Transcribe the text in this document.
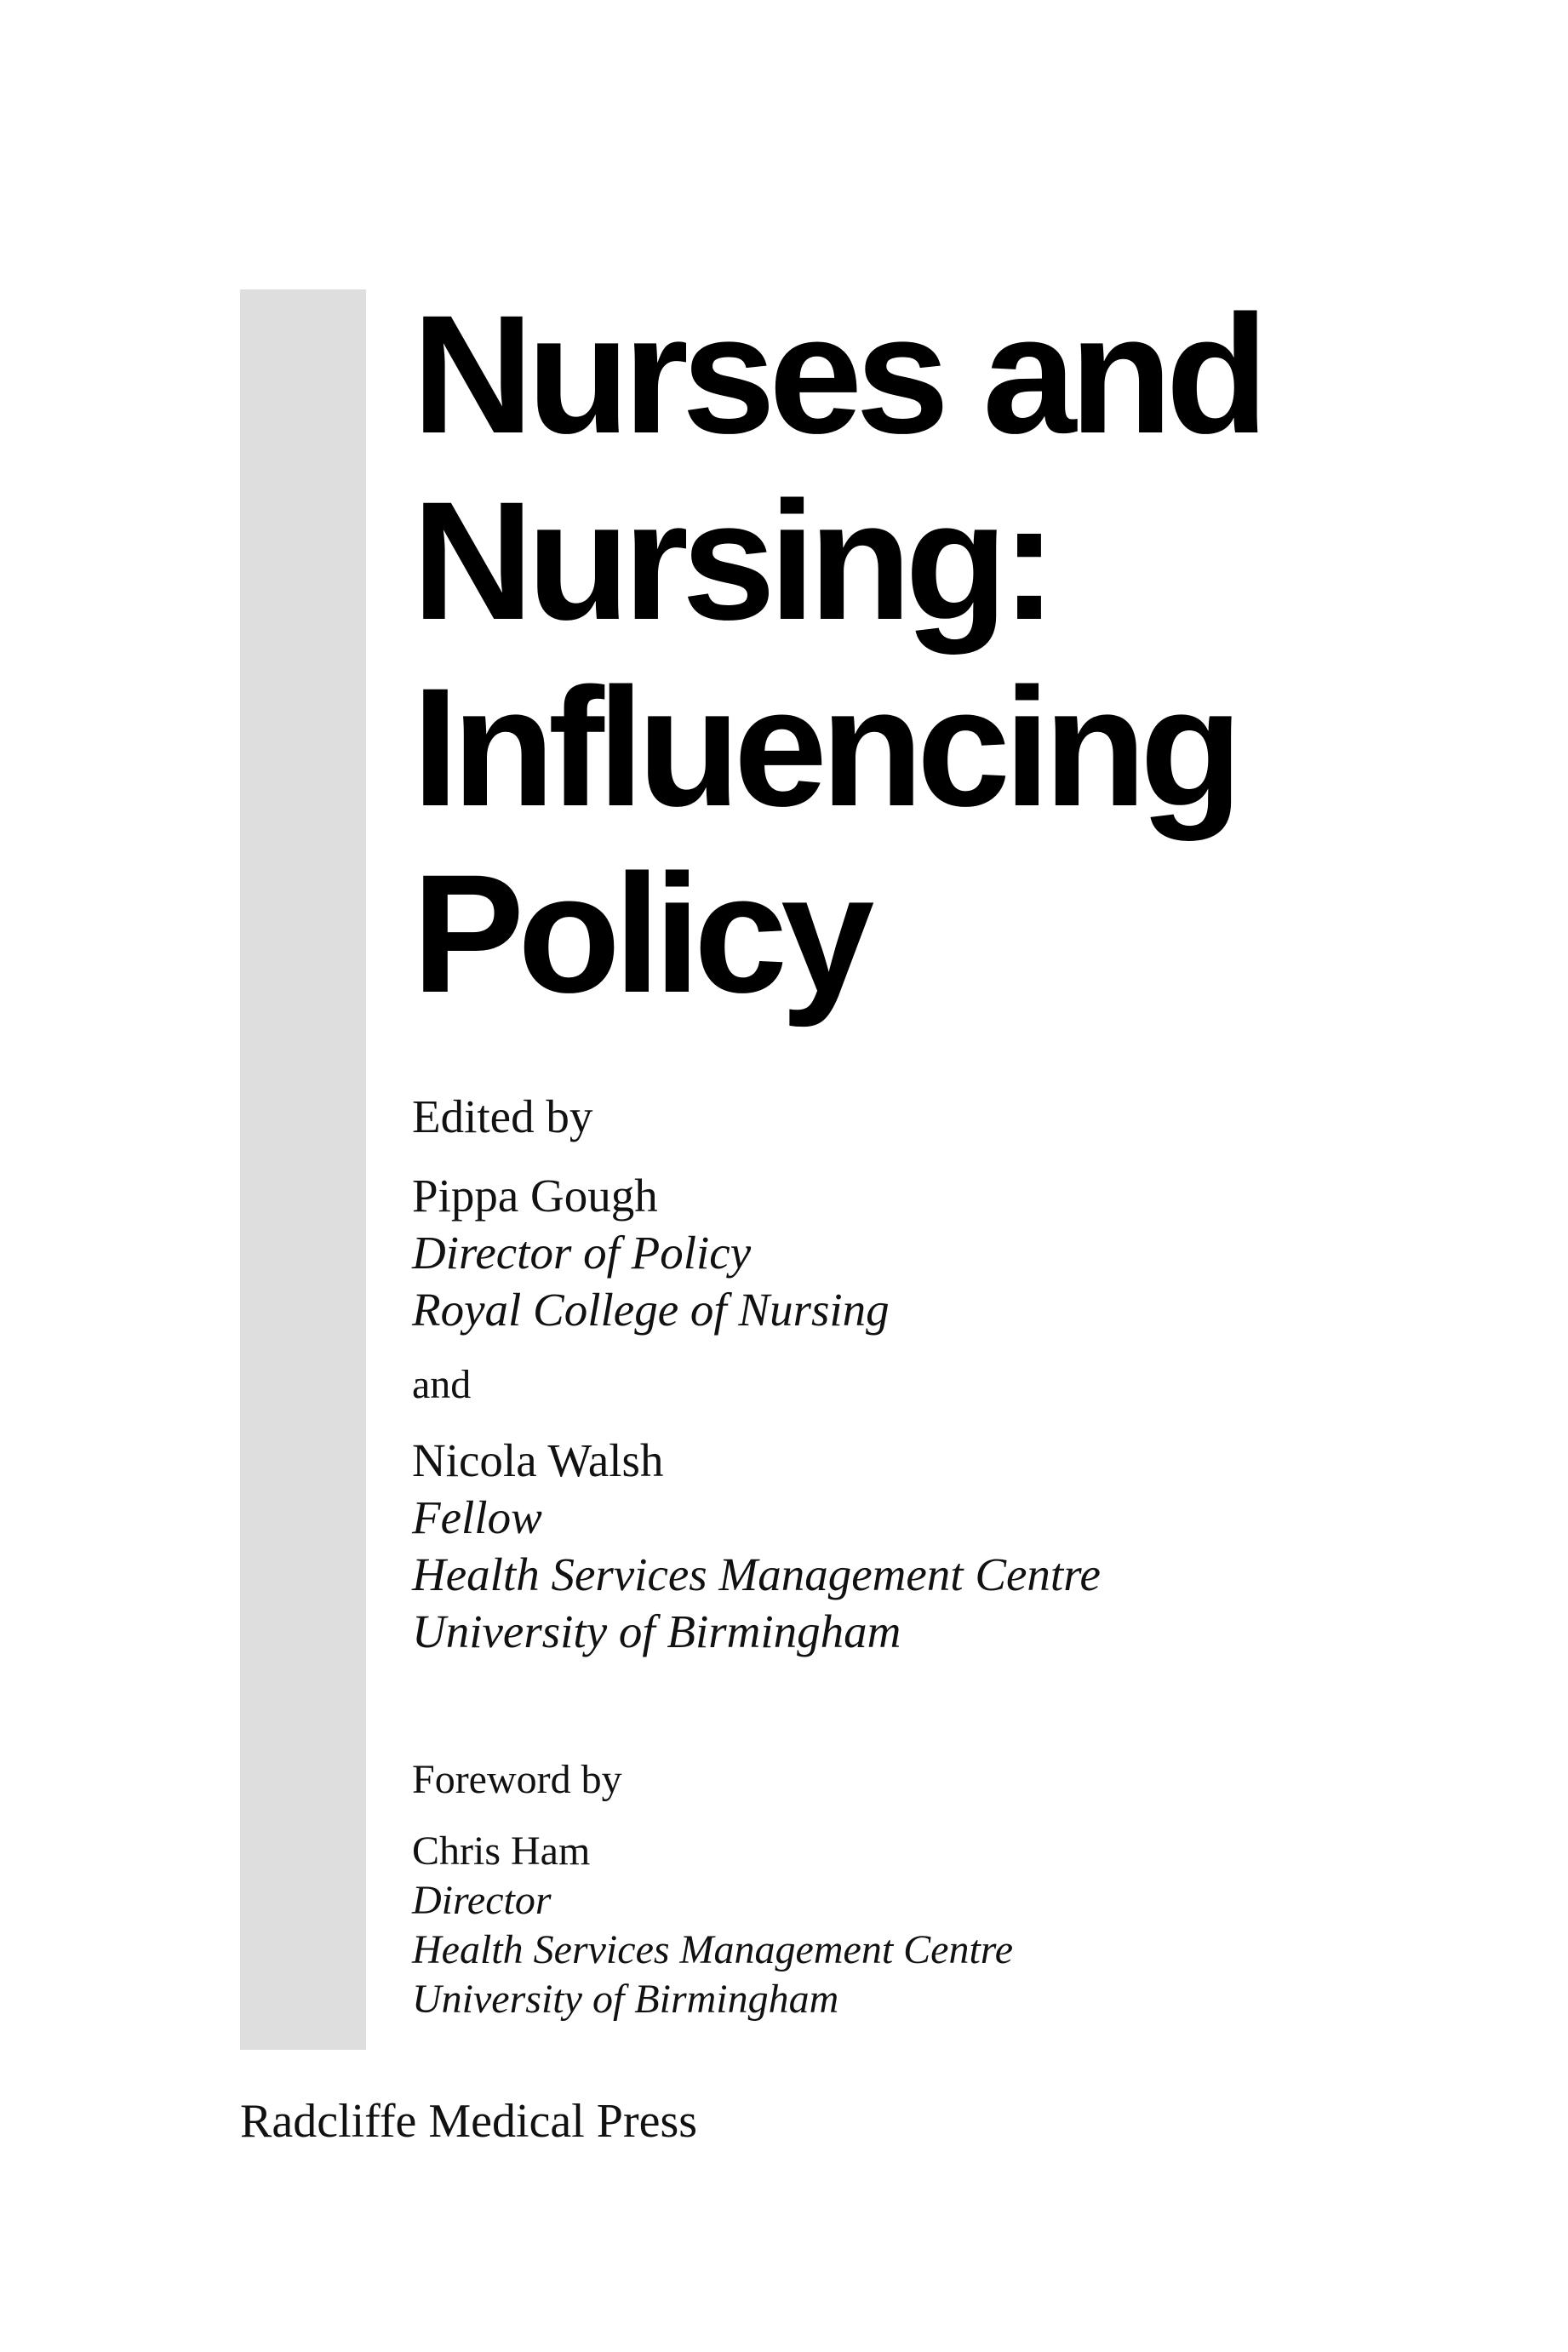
Nurses and
Nursing:
Influencing
Policy
Edited by
Pippa Gough
Director of Policy
Royal College of Nursing
and
Nicola Walsh
Fellow
Health Services Management Centre
University of Birmingham
Foreword by
Chris Ham
Director
Health Services Management Centre
University of Birmingham
Radcliffe Medical Press
